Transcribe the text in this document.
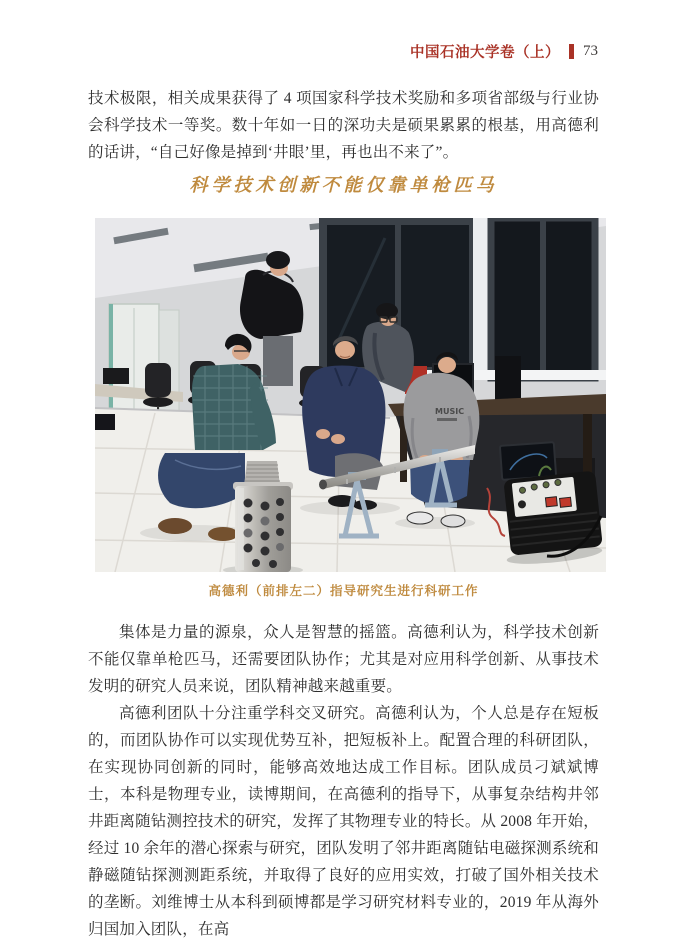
中国石油大学卷（上） 73
技术极限，相关成果获得了 4 项国家科学技术奖励和多项省部级与行业协会科学技术一等奖。数十年如一日的深功夫是硕果累累的根基，用高德利的话讲，“自己好像是掉到‘井眼’里，再也出不来了”。
科学技术创新不能仅靠单枪匹马
MUSIC
高德利（前排左二）指导研究生进行科研工作

集体是力量的源泉，众人是智慧的摇篮。高德利认为，科学技术创新不能仅靠单枪匹马，还需要团队协作；尤其是对应用科学创新、从事技术发明的研究人员来说，团队精神越来越重要。

高德利团队十分注重学科交叉研究。高德利认为，个人总是存在短板的，而团队协作可以实现优势互补，把短板补上。配置合理的科研团队，在实现协同创新的同时，能够高效地达成工作目标。团队成员刁斌斌博士，本科是物理专业，读博期间，在高德利的指导下，从事复杂结构井邻井距离随钻测控技术的研究，发挥了其物理专业的特长。从 2008 年开始，经过 10 余年的潜心探索与研究，团队发明了邻井距离随钻电磁探测系统和静磁随钻探测测距系统，并取得了良好的应用实效，打破了国外相关技术的垄断。刘维博士从本科到硕博都是学习研究材料专业的，2019 年从海外归国加入团队，在高
